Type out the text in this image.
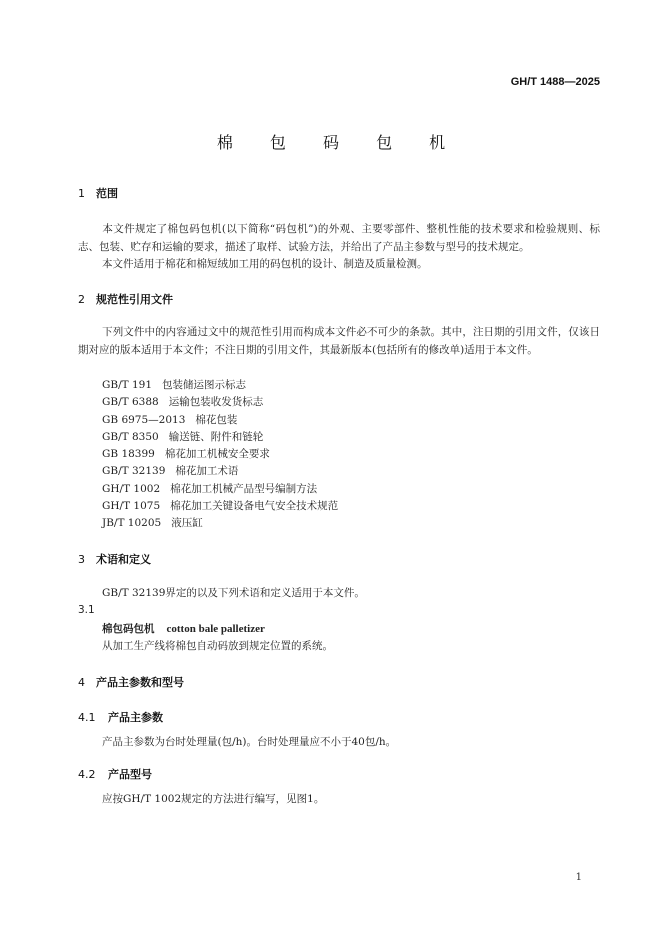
GH/T 1488—2025
棉 包 码 包 机
1 范围
本文件规定了棉包码包机(以下简称“码包机”)的外观、主要零部件、整机性能的技术要求和检验规则、标志、包装、贮存和运输的要求，描述了取样、试验方法，并给出了产品主参数与型号的技术规定。
本文件适用于棉花和棉短绒加工用的码包机的设计、制造及质量检测。
2 规范性引用文件
下列文件中的内容通过文中的规范性引用而构成本文件必不可少的条款。其中，注日期的引用文件，仅该日期对应的版本适用于本文件；不注日期的引用文件，其最新版本(包括所有的修改单)适用于本文件。
GB/T 191 包装储运图示标志
GB/T 6388 运输包装收发货标志
GB 6975—2013 棉花包装
GB/T 8350 输送链、附件和链轮
GB 18399 棉花加工机械安全要求
GB/T 32139 棉花加工术语
GH/T 1002 棉花加工机械产品型号编制方法
GH/T 1075 棉花加工关键设备电气安全技术规范
JB/T 10205 液压缸
3 术语和定义
GB/T 32139界定的以及下列术语和定义适用于本文件。
3.1
棉包码包机 cotton bale palletizer
从加工生产线将棉包自动码放到规定位置的系统。
4 产品主参数和型号
4.1 产品主参数
产品主参数为台时处理量(包/h)。台时处理量应不小于40包/h。
4.2 产品型号
应按GH/T 1002规定的方法进行编写，见图1。
1
